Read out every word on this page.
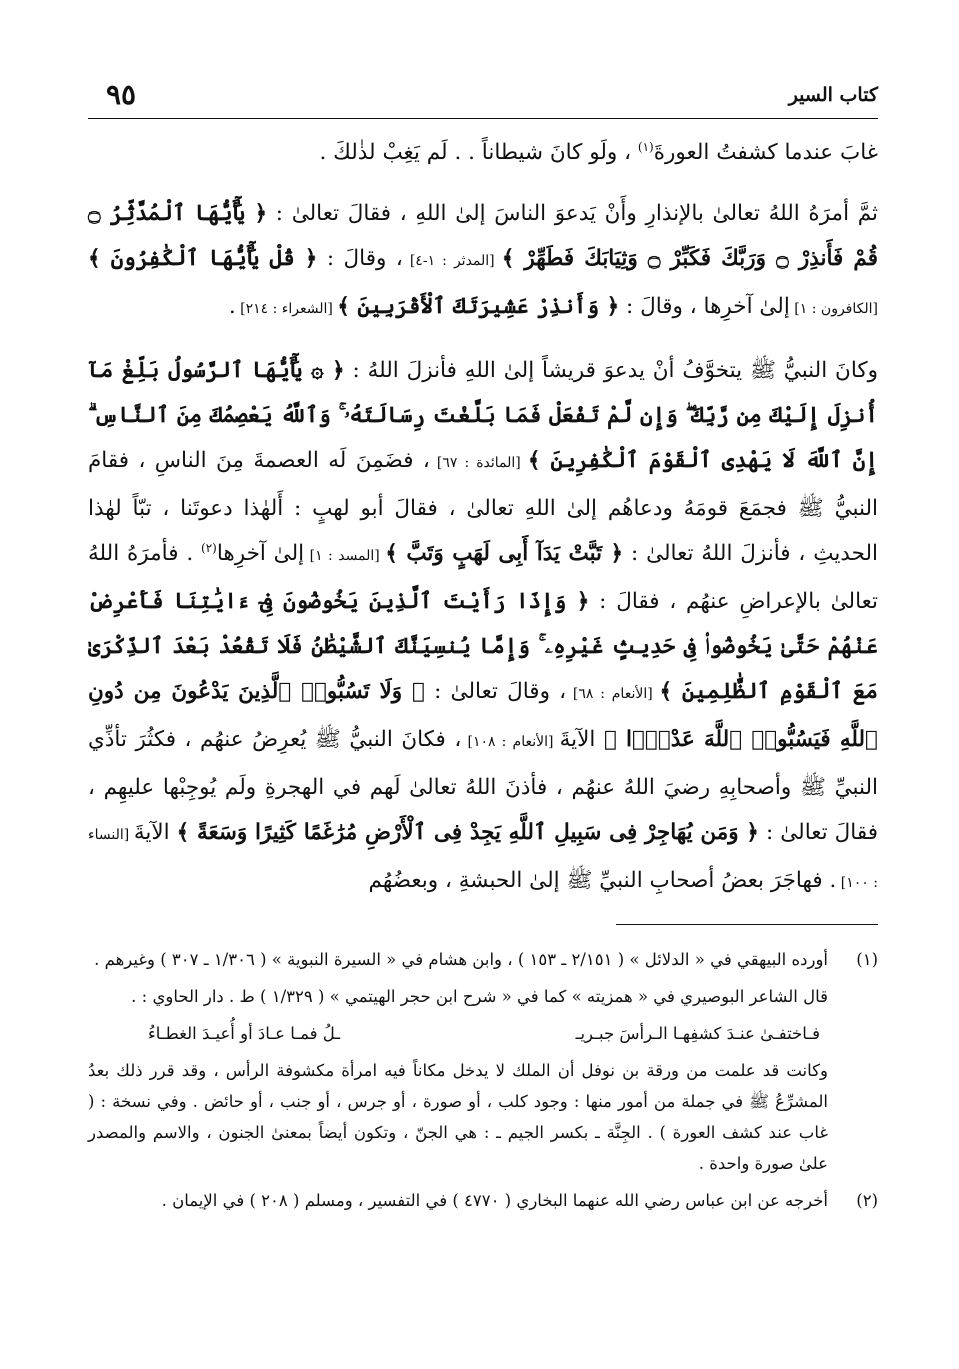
كتاب السير
٩٥

غابَ عندما كشفتُ العورةَ$^{(١)}$ ، ولَو كانَ شيطاناً . . لَم يَغِبْ لذٰلكَ .

ثمَّ أمرَهُ اللهُ تعالىٰ بالإنذارِ وأَنْ يَدعوَ الناسَ إلىٰ اللهِ ، فقالَ تعالىٰ : ﴿ يَٰٓأَيُّهَا ٱلْمُدَّثِّرُ ۝ قُمْ فَأَنذِرْ ۝ وَرَبَّكَ فَكَبِّرْ ۝ وَثِيَابَكَ فَطَهِّرْ ﴾ [المدثر : ١-٤] ، وقالَ : ﴿ قُلْ يَٰٓأَيُّهَا ٱلْكَٰفِرُونَ ﴾ [الكافرون : ١] إلىٰ آخرِها ، وقالَ : ﴿ وَأَنذِرْ عَشِيرَتَكَ ٱلْأَقْرَبِينَ ﴾ [الشعراء : ٢١٤] .

وكانَ النبيُّ ﷺ يتخوَّفُ أنْ يدعوَ قريشاً إلىٰ اللهِ فأنزلَ اللهُ : ﴿ ۞ يَٰٓأَيُّهَا ٱلرَّسُولُ بَلِّغْ مَآ أُنزِلَ إِلَيْكَ مِن رَّبِّكَ ۖ وَإِن لَّمْ تَفْعَلْ فَمَا بَلَّغْتَ رِسَالَتَهُۥ ۚ وَٱللَّهُ يَعْصِمُكَ مِنَ ٱلنَّاسِ ۗ إِنَّ ٱللَّهَ لَا يَهْدِى ٱلْقَوْمَ ٱلْكَٰفِرِينَ ﴾ [المائدة : ٦٧] ، فضَمِنَ لَه العصمةَ مِنَ الناسِ ، فقامَ النبيُّ ﷺ فجمَعَ قومَهُ ودعاهُم إلىٰ اللهِ تعالىٰ ، فقالَ أبو لهبٍ : أَلهٰذا دعوتَنا ، تبّاً لهٰذا الحديثِ ، فأنزلَ اللهُ تعالىٰ : ﴿ تَبَّتْ يَدَآ أَبِى لَهَبٍ وَتَبَّ ﴾ [المسد : ١] إلىٰ آخرِها$^{(٢)}$ . فأمرَهُ اللهُ تعالىٰ بالإعراضِ عنهُم ، فقالَ : ﴿ وَإِذَا رَأَيْتَ ٱلَّذِينَ يَخُوضُونَ فِىٓ ءَايَٰتِنَا فَأَعْرِضْ عَنْهُمْ حَتَّىٰ يَخُوضُوا۟ فِى حَدِيثٍ غَيْرِهِۦ ۚ وَإِمَّا يُنسِيَنَّكَ ٱلشَّيْطَٰنُ فَلَا تَقْعُدْ بَعْدَ ٱلذِّكْرَىٰ مَعَ ٱلْقَوْمِ ٱلظَّٰلِمِينَ ﴾ [الأنعام : ٦٨] ، وقالَ تعالىٰ : ﴿ وَلَا تَسُبُّوا۟ ٱلَّذِينَ يَدْعُونَ مِن دُونِ ٱللَّهِ فَيَسُبُّوا۟ ٱللَّهَ عَدْوًۢا ﴾ الآيةَ [الأنعام : ١٠٨] ، فكانَ النبيُّ ﷺ يُعرِضُ عنهُم ، فكثُرَ تأذِّي النبيِّ ﷺ وأصحابِهِ رضيَ اللهُ عنهُم ، فأذنَ اللهُ تعالىٰ لَهم في الهجرةِ ولَم يُوجِبْها عليهِم ، فقالَ تعالىٰ : ﴿ وَمَن يُهَاجِرْ فِى سَبِيلِ ٱللَّهِ يَجِدْ فِى ٱلْأَرْضِ مُرَٰغَمًا كَثِيرًا وَسَعَةً ﴾ الآيةَ [النساء : ١٠٠] . فهاجَرَ بعضُ أصحابِ النبيِّ ﷺ إلىٰ الحبشةِ ، وبعضُهُم

(١)

أورده البيهقي في « الدلائل » ( ٢/١٥١ ـ ١٥٣ ) ، وابن هشام في « السيرة النبوية » ( ١/٣٠٦ ـ ٣٠٧ ) وغيرهم .

قال الشاعر البوصيري في « همزيته » كما في « شرح ابن حجر الهيتمي » ( ١/٣٢٩ ) ط . دار الحاوي : .

فـاختفـىٰ عنـدَ كشفِهـا الـرأسَ جبـريـ
ـلُ فمـا عـادَ أو أُعيـدَ الغطـاءُ

وكانت قد علمت من ورقة بن نوفل أن الملك لا يدخل مكاناً فيه امرأة مكشوفة الرأس ، وقد قرر ذلك بعدُ المشرِّعُ ﷺ في جملة من أمور منها : وجود كلب ، أو صورة ، أو جرس ، أو جنب ، أو حائض . وفي نسخة : ( غاب عند كشف العورة ) . الجِنَّة ـ بكسر الجيم ـ : هي الجنّ ، وتكون أيضاً بمعنىٰ الجنون ، والاسم والمصدر علىٰ صورة واحدة .

(٢)

أخرجه عن ابن عباس رضي الله عنهما البخاري ( ٤٧٧٠ ) في التفسير ، ومسلم ( ٢٠٨ ) في الإيمان .
